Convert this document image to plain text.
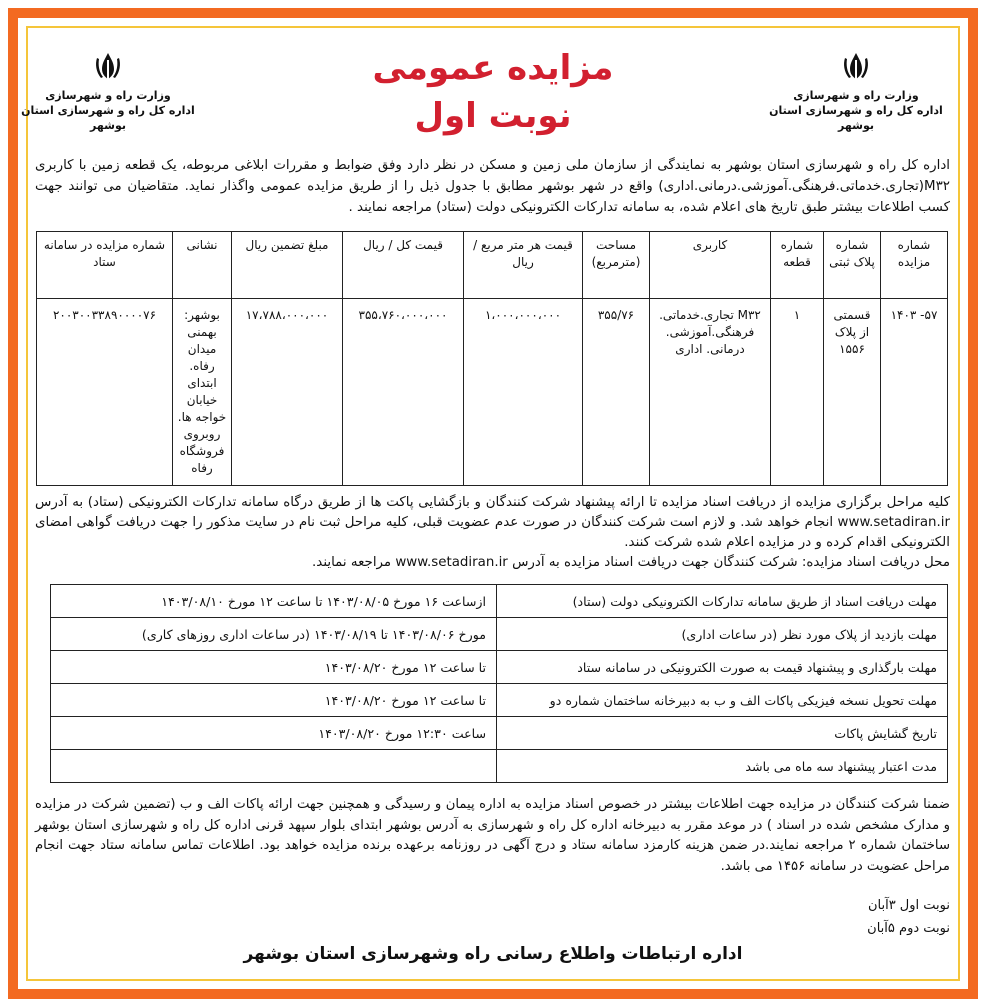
وزارت راه و شهرسازی
اداره کل راه و شهرسازی استان بوشهر
وزارت راه و شهرسازی
اداره کل راه و شهرسازی استان بوشهر
مزایده عمومی
نوبت اول
اداره کل راه و شهرسازی استان بوشهر به نمایندگی از سازمان ملی زمین و مسکن در نظر دارد وفق ضوابط و مقررات ابلاغی مربوطه، یک قطعه زمین با کاربری M۳۲(تجاری.خدماتی.فرهنگی.آموزشی.درمانی.اداری) واقع در شهر بوشهر مطابق با جدول ذیل را از طریق مزایده عمومی واگذار نماید. متقاضیان می توانند جهت کسب اطلاعات بیشتر طبق تاریخ های اعلام شده، به سامانه تدارکات الکترونیکی دولت (ستاد) مراجعه نمایند .
شماره مزایده	شماره پلاک ثبتی	شماره قطعه	کاربری	مساحت (مترمربع)	قیمت هر متر مربع / ریال	قیمت کل / ریال	مبلغ تضمین ریال	نشانی	شماره مزایده در سامانه ستاد
۵۷- ۱۴۰۳	قسمتی از پلاک ۱۵۵۶	۱	M۳۲ تجاری.خدماتی. فرهنگی.آموزشی. درمانی. اداری	۳۵۵/۷۶	۱،۰۰۰،۰۰۰،۰۰۰	۳۵۵،۷۶۰،۰۰۰،۰۰۰	۱۷،۷۸۸،۰۰۰،۰۰۰	بوشهر: بهمنی میدان رفاه. ابتدای خیابان خواجه ها. روبروی فروشگاه رفاه	۲۰۰۳۰۰۳۳۸۹۰۰۰۰۷۶
کلیه مراحل برگزاری مزایده از دریافت اسناد مزایده تا ارائه پیشنهاد شرکت کنندگان و بازگشایی پاکت ها از طریق درگاه سامانه تدارکات الکترونیکی (ستاد) به آدرس www.setadiran.ir انجام خواهد شد. و لازم است شرکت کنندگان در صورت عدم عضویت قبلی، کلیه مراحل ثبت نام در سایت مذکور را جهت دریافت گواهی امضای الکترونیکی اقدام کرده و در مزایده اعلام شده شرکت کنند.
محل دریافت اسناد مزایده: شرکت کنندگان جهت دریافت اسناد مزایده به آدرس www.setadiran.ir مراجعه نمایند.
مهلت دریافت اسناد از طریق سامانه تدارکات الکترونیکی دولت (ستاد)	ازساعت ۱۶ مورخ ۱۴۰۳/۰۸/۰۵ تا ساعت ۱۲ مورخ ۱۴۰۳/۰۸/۱۰
مهلت بازدید از پلاک مورد نظر (در ساعات اداری)	مورخ ۱۴۰۳/۰۸/۰۶ تا ۱۴۰۳/۰۸/۱۹ (در ساعات اداری روزهای کاری)
مهلت بارگذاری و پیشنهاد قیمت به صورت الکترونیکی در سامانه ستاد	تا ساعت ۱۲ مورخ ۱۴۰۳/۰۸/۲۰
مهلت تحویل نسخه فیزیکی پاکات الف و ب به دبیرخانه ساختمان شماره دو	تا ساعت ۱۲ مورخ ۱۴۰۳/۰۸/۲۰
تاریخ گشایش پاکات	ساعت ۱۲:۳۰ مورخ ۱۴۰۳/۰۸/۲۰
مدت اعتبار پیشنهاد سه ماه می باشد	
ضمنا شرکت کنندگان در مزایده جهت اطلاعات بیشتر در خصوص اسناد مزایده به اداره پیمان و رسیدگی و همچنین جهت ارائه پاکات الف و ب (تضمین شرکت در مزایده و مدارک مشخص شده در اسناد ) در موعد مقرر به دبیرخانه اداره کل راه و شهرسازی به آدرس بوشهر ابتدای بلوار سپهد قرنی اداره کل راه و شهرسازی استان بوشهر ساختمان شماره ۲ مراجعه نمایند.در ضمن هزینه کارمزد سامانه ستاد و درج آگهی در روزنامه برعهده برنده مزایده خواهد بود. اطلاعات تماس سامانه ستاد جهت انجام مراحل عضویت در سامانه ۱۴۵۶ می باشد.
نوبت اول ۳آبان
نوبت دوم ۵آبان
اداره ارتباطات واطلاع رسانی راه وشهرسازی استان بوشهر
